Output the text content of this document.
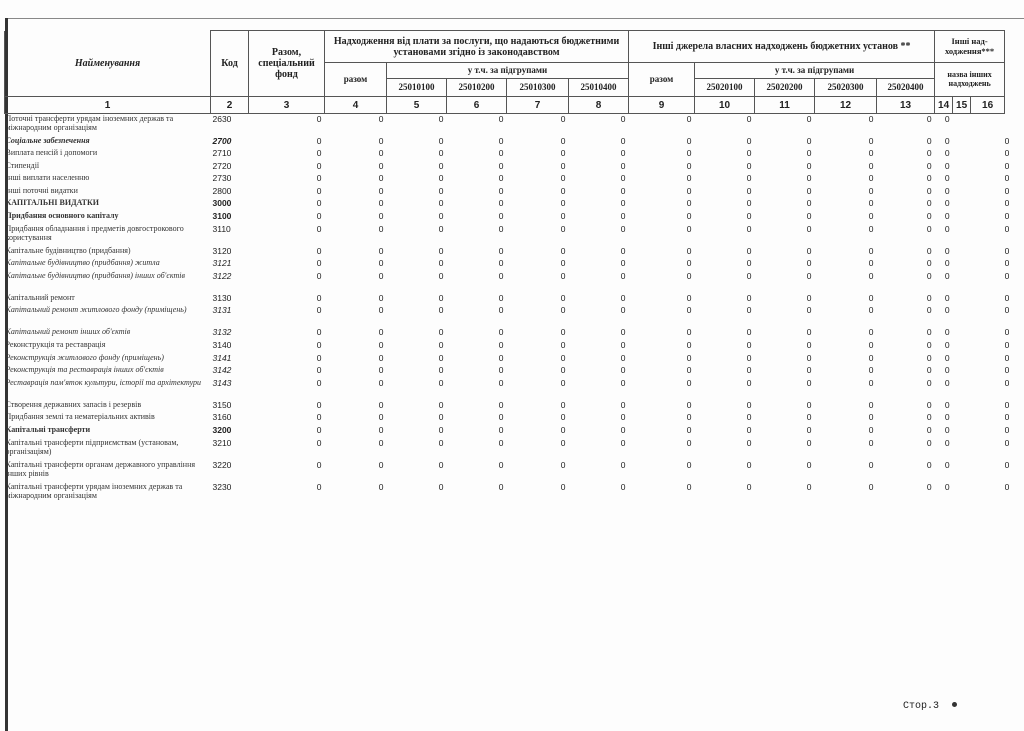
Найменування	Код	Разом, спеціальний фонд	Надходження від плати за послуги, що надаються бюджетними установами згідно із законодавством					Інші джерела власних надходжень бюджетних установ **					Інші над-ходження***			
			разом	у т.ч. за підгрупами				разом	у т.ч. за підгрупами				назва інших надходжень			
				25010100	25010200	25010300	25010400		25020100	25020200	25020300	25020400				
1	2	3	4	5	6	7	8	9	10	11	12	13	14	15	16	
Поточні трансферти урядам іноземних держав та міжнародним організаціям	2630	0	0	0	0	0	0	0	0	0	0	0	0			
Соціальне забезпечення	2700	0	0	0	0	0	0	0	0	0	0	0	0			0
Виплата пенсій і допомоги	2710	0	0	0	0	0	0	0	0	0	0	0	0			0
Стипендії	2720	0	0	0	0	0	0	0	0	0	0	0	0			0
Інші виплати населенню	2730	0	0	0	0	0	0	0	0	0	0	0	0			0
Інші поточні видатки	2800	0	0	0	0	0	0	0	0	0	0	0	0			0
КАПІТАЛЬНІ ВИДАТКИ	3000	0	0	0	0	0	0	0	0	0	0	0	0			0
Придбання основного капіталу	3100	0	0	0	0	0	0	0	0	0	0	0	0			0
Придбання обладнання і предметів довгострокового користування	3110	0	0	0	0	0	0	0	0	0	0	0	0			0
Капітальне будівництво (придбання)	3120	0	0	0	0	0	0	0	0	0	0	0	0			0
Капітальне будівництво (придбання) житла	3121	0	0	0	0	0	0	0	0	0	0	0	0			0
Капітальне будівництво (придбання) інших об'єктів	3122	0	0	0	0	0	0	0	0	0	0	0	0			0
Капітальний ремонт	3130	0	0	0	0	0	0	0	0	0	0	0	0			0
Капітальний ремонт житлового фонду (приміщень)	3131	0	0	0	0	0	0	0	0	0	0	0	0			0
Капітальний ремонт інших об'єктів	3132	0	0	0	0	0	0	0	0	0	0	0	0			0
Реконструкція та реставрація	3140	0	0	0	0	0	0	0	0	0	0	0	0			0
Реконструкція житлового фонду (приміщень)	3141	0	0	0	0	0	0	0	0	0	0	0	0			0
Реконструкція та реставрація інших об'єктів	3142	0	0	0	0	0	0	0	0	0	0	0	0			0
Реставрація пам'яток культури, історії та архітектури	3143	0	0	0	0	0	0	0	0	0	0	0	0			0
Створення державних запасів і резервів	3150	0	0	0	0	0	0	0	0	0	0	0	0			0
Придбання землі та нематеріальних активів	3160	0	0	0	0	0	0	0	0	0	0	0	0			0
Капітальні трансферти	3200	0	0	0	0	0	0	0	0	0	0	0	0			0
Капітальні трансферти підприємствам (установам, організаціям)	3210	0	0	0	0	0	0	0	0	0	0	0	0			0
Капітальні трансферти органам державного управління інших рівнів	3220	0	0	0	0	0	0	0	0	0	0	0	0			0
Капітальні трансферти урядам іноземних держав та міжнародним організаціям	3230	0	0	0	0	0	0	0	0	0	0	0	0			0
Стор.3
